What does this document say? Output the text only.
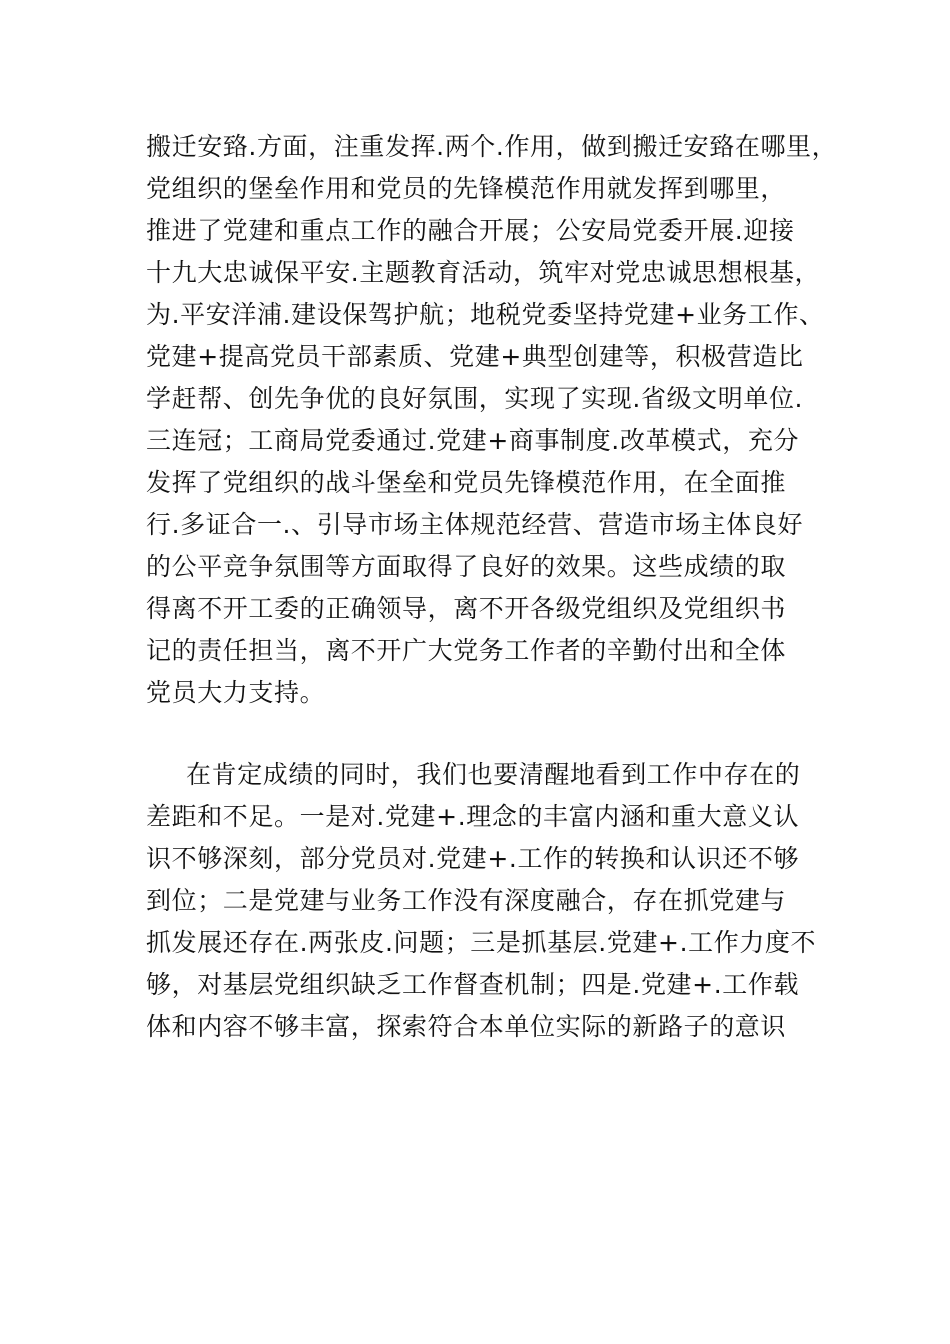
搬迁安臵.方面，注重发挥.两个.作用，做到搬迁安臵在哪里，
党组织的堡垒作用和党员的先锋模范作用就发挥到哪里，
推进了党建和重点工作的融合开展；公安局党委开展.迎接
十九大忠诚保平安.主题教育活动，筑牢对党忠诚思想根基，
为.平安洋浦.建设保驾护航；地税党委坚持党建+业务工作、
党建+提高党员干部素质、党建+典型创建等，积极营造比
学赶帮、创先争优的良好氛围，实现了实现.省级文明单位.
三连冠；工商局党委通过.党建+商事制度.改革模式，充分
发挥了党组织的战斗堡垒和党员先锋模范作用，在全面推
行.多证合一.、引导市场主体规范经营、营造市场主体良好
的公平竞争氛围等方面取得了良好的效果。这些成绩的取
得离不开工委的正确领导，离不开各级党组织及党组织书
记的责任担当，离不开广大党务工作者的辛勤付出和全体
党员大力支持。

在肯定成绩的同时，我们也要清醒地看到工作中存在的
差距和不足。一是对.党建+.理念的丰富内涵和重大意义认
识不够深刻，部分党员对.党建+.工作的转换和认识还不够
到位；二是党建与业务工作没有深度融合，存在抓党建与
抓发展还存在.两张皮.问题；三是抓基层.党建+.工作力度不
够，对基层党组织缺乏工作督查机制；四是.党建+.工作载
体和内容不够丰富，探索符合本单位实际的新路子的意识
